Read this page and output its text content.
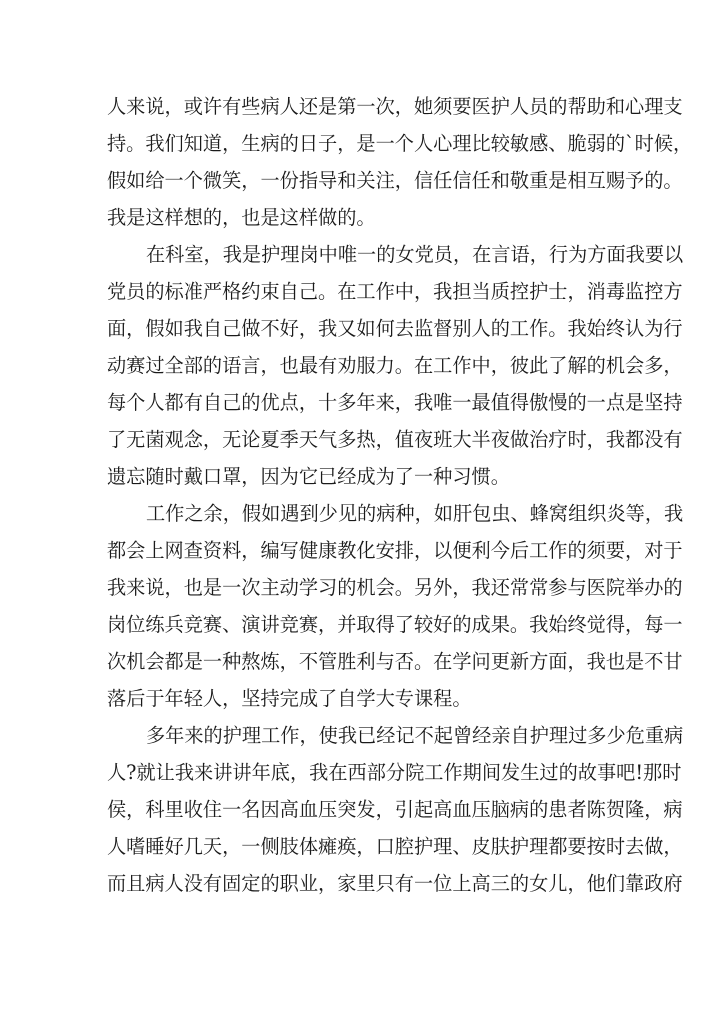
人来说，或许有些病人还是第一次，她须要医护人员的帮助和心理支
持。我们知道，生病的日子，是一个人心理比较敏感、脆弱的`时候，
假如给一个微笑，一份指导和关注，信任信任和敬重是相互赐予的。
我是这样想的，也是这样做的。
在科室，我是护理岗中唯一的女党员，在言语，行为方面我要以
党员的标准严格约束自己。在工作中，我担当质控护士，消毒监控方
面，假如我自己做不好，我又如何去监督别人的工作。我始终认为行
动赛过全部的语言，也最有劝服力。在工作中，彼此了解的机会多，
每个人都有自己的优点，十多年来，我唯一最值得傲慢的一点是坚持
了无菌观念，无论夏季天气多热，值夜班大半夜做治疗时，我都没有
遗忘随时戴口罩，因为它已经成为了一种习惯。
工作之余，假如遇到少见的病种，如肝包虫、蜂窝组织炎等，我
都会上网查资料，编写健康教化安排，以便利今后工作的须要，对于
我来说，也是一次主动学习的机会。另外，我还常常参与医院举办的
岗位练兵竞赛、演讲竞赛，并取得了较好的成果。我始终觉得，每一
次机会都是一种熬炼，不管胜利与否。在学问更新方面，我也是不甘
落后于年轻人，坚持完成了自学大专课程。
多年来的护理工作，使我已经记不起曾经亲自护理过多少危重病
人?就让我来讲讲年底，我在西部分院工作期间发生过的故事吧!那时
侯，科里收住一名因高血压突发，引起高血压脑病的患者陈贺隆，病
人嗜睡好几天，一侧肢体瘫痪，口腔护理、皮肤护理都要按时去做，
而且病人没有固定的职业，家里只有一位上高三的女儿，他们靠政府
